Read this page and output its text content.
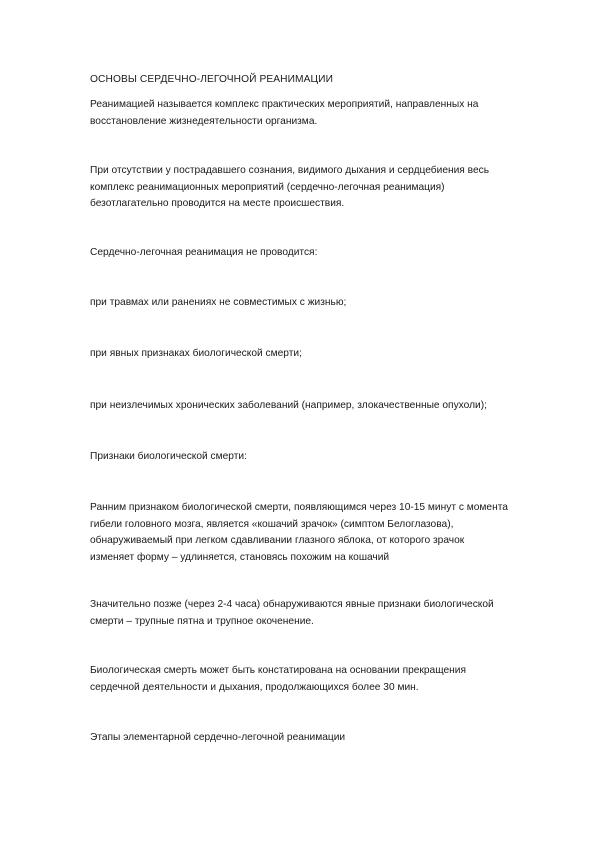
ОСНОВЫ СЕРДЕЧНО-ЛЕГОЧНОЙ РЕАНИМАЦИИ

Реанимацией называется комплекс практических мероприятий, направленных на восстановление жизнедеятельности организма.

При отсутствии у пострадавшего сознания, видимого дыхания и сердцебиения весь комплекс реанимационных мероприятий (сердечно-легочная реанимация) безотлагательно проводится на месте происшествия.

Сердечно-легочная реанимация не проводится:

при травмах или ранениях не совместимых с жизнью;

при явных признаках биологической смерти;

при неизлечимых хронических заболеваний (например, злокачественные опухоли);

Признаки биологической смерти:

Ранним признаком биологической смерти, появляющимся через 10-15 минут с момента гибели головного мозга, является «кошачий зрачок» (симптом Белоглазова), обнаруживаемый при легком сдавливании глазного яблока, от которого зрачок изменяет форму – удлиняется, становясь похожим на кошачий

Значительно позже (через 2-4 часа) обнаруживаются явные признаки биологической смерти – трупные пятна и трупное окоченение.

Биологическая смерть может быть констатирована на основании прекращения сердечной деятельности и дыхания, продолжающихся более 30 мин.

Этапы элементарной сердечно-легочной реанимации
